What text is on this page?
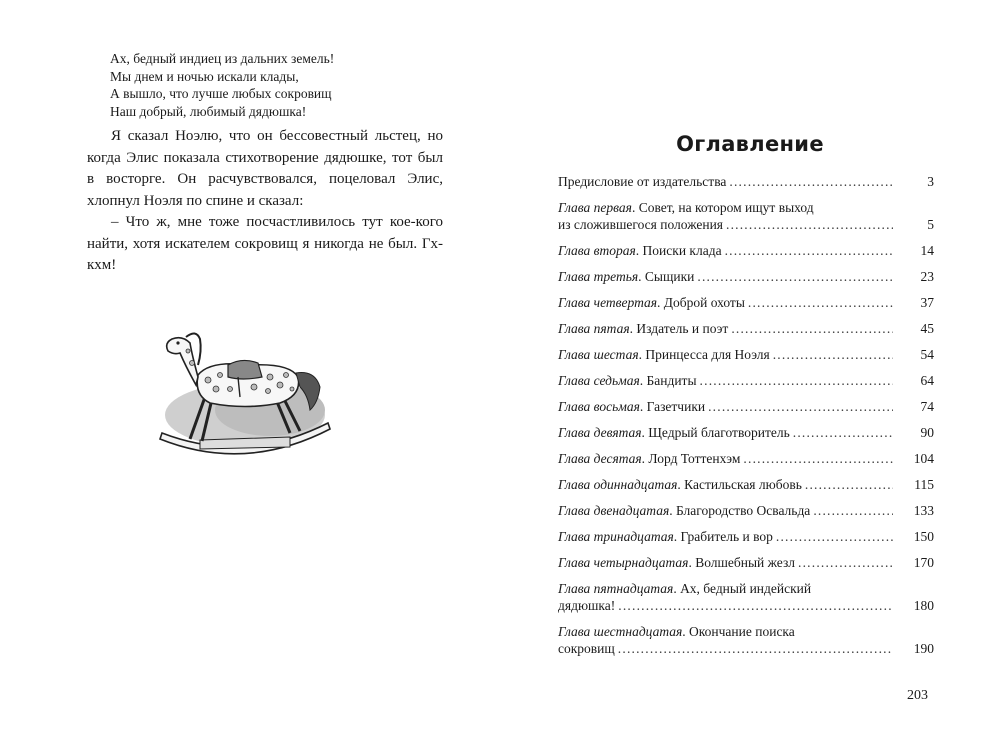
Ах, бедный индиец из дальних земель!
Мы днем и ночью искали клады,
А вышло, что лучше любых сокровищ
Наш добрый, любимый дядюшка!

Я сказал Ноэлю, что он бессовестный льстец, но когда Элис показала стихотворение дядюшке, тот был в восторге. Он расчувствовался, поцеловал Элис, хлопнул Ноэля по спине и сказал:

– Что ж, мне тоже посчастливилось тут кое-кого найти, хотя искателем сокровищ я никогда не был. Гх-кхм!

Оглавление
Предисловие от издательства .....	3
Глава первая. Совет, на котором ищут выход
из сложившегося положения .....	5
Глава вторая. Поиски клада .....	14
Глава третья. Сыщики .....	23
Глава четвертая. Доброй охоты .....	37
Глава пятая. Издатель и поэт .....	45
Глава шестая. Принцесса для Ноэля .....	54
Глава седьмая. Бандиты .....	64
Глава восьмая. Газетчики .....	74
Глава девятая. Щедрый благотворитель .....	90
Глава десятая. Лорд Тоттенхэм .....	104
Глава одиннадцатая. Кастильская любовь .....	115
Глава двенадцатая. Благородство Освальда .....	133
Глава тринадцатая. Грабитель и вор .....	150
Глава четырнадцатая. Волшебный жезл .....	170
Глава пятнадцатая. Ах, бедный индейский
дядюшка! .....	180
Глава шестнадцатая. Окончание поиска
сокровищ .....	190
203
